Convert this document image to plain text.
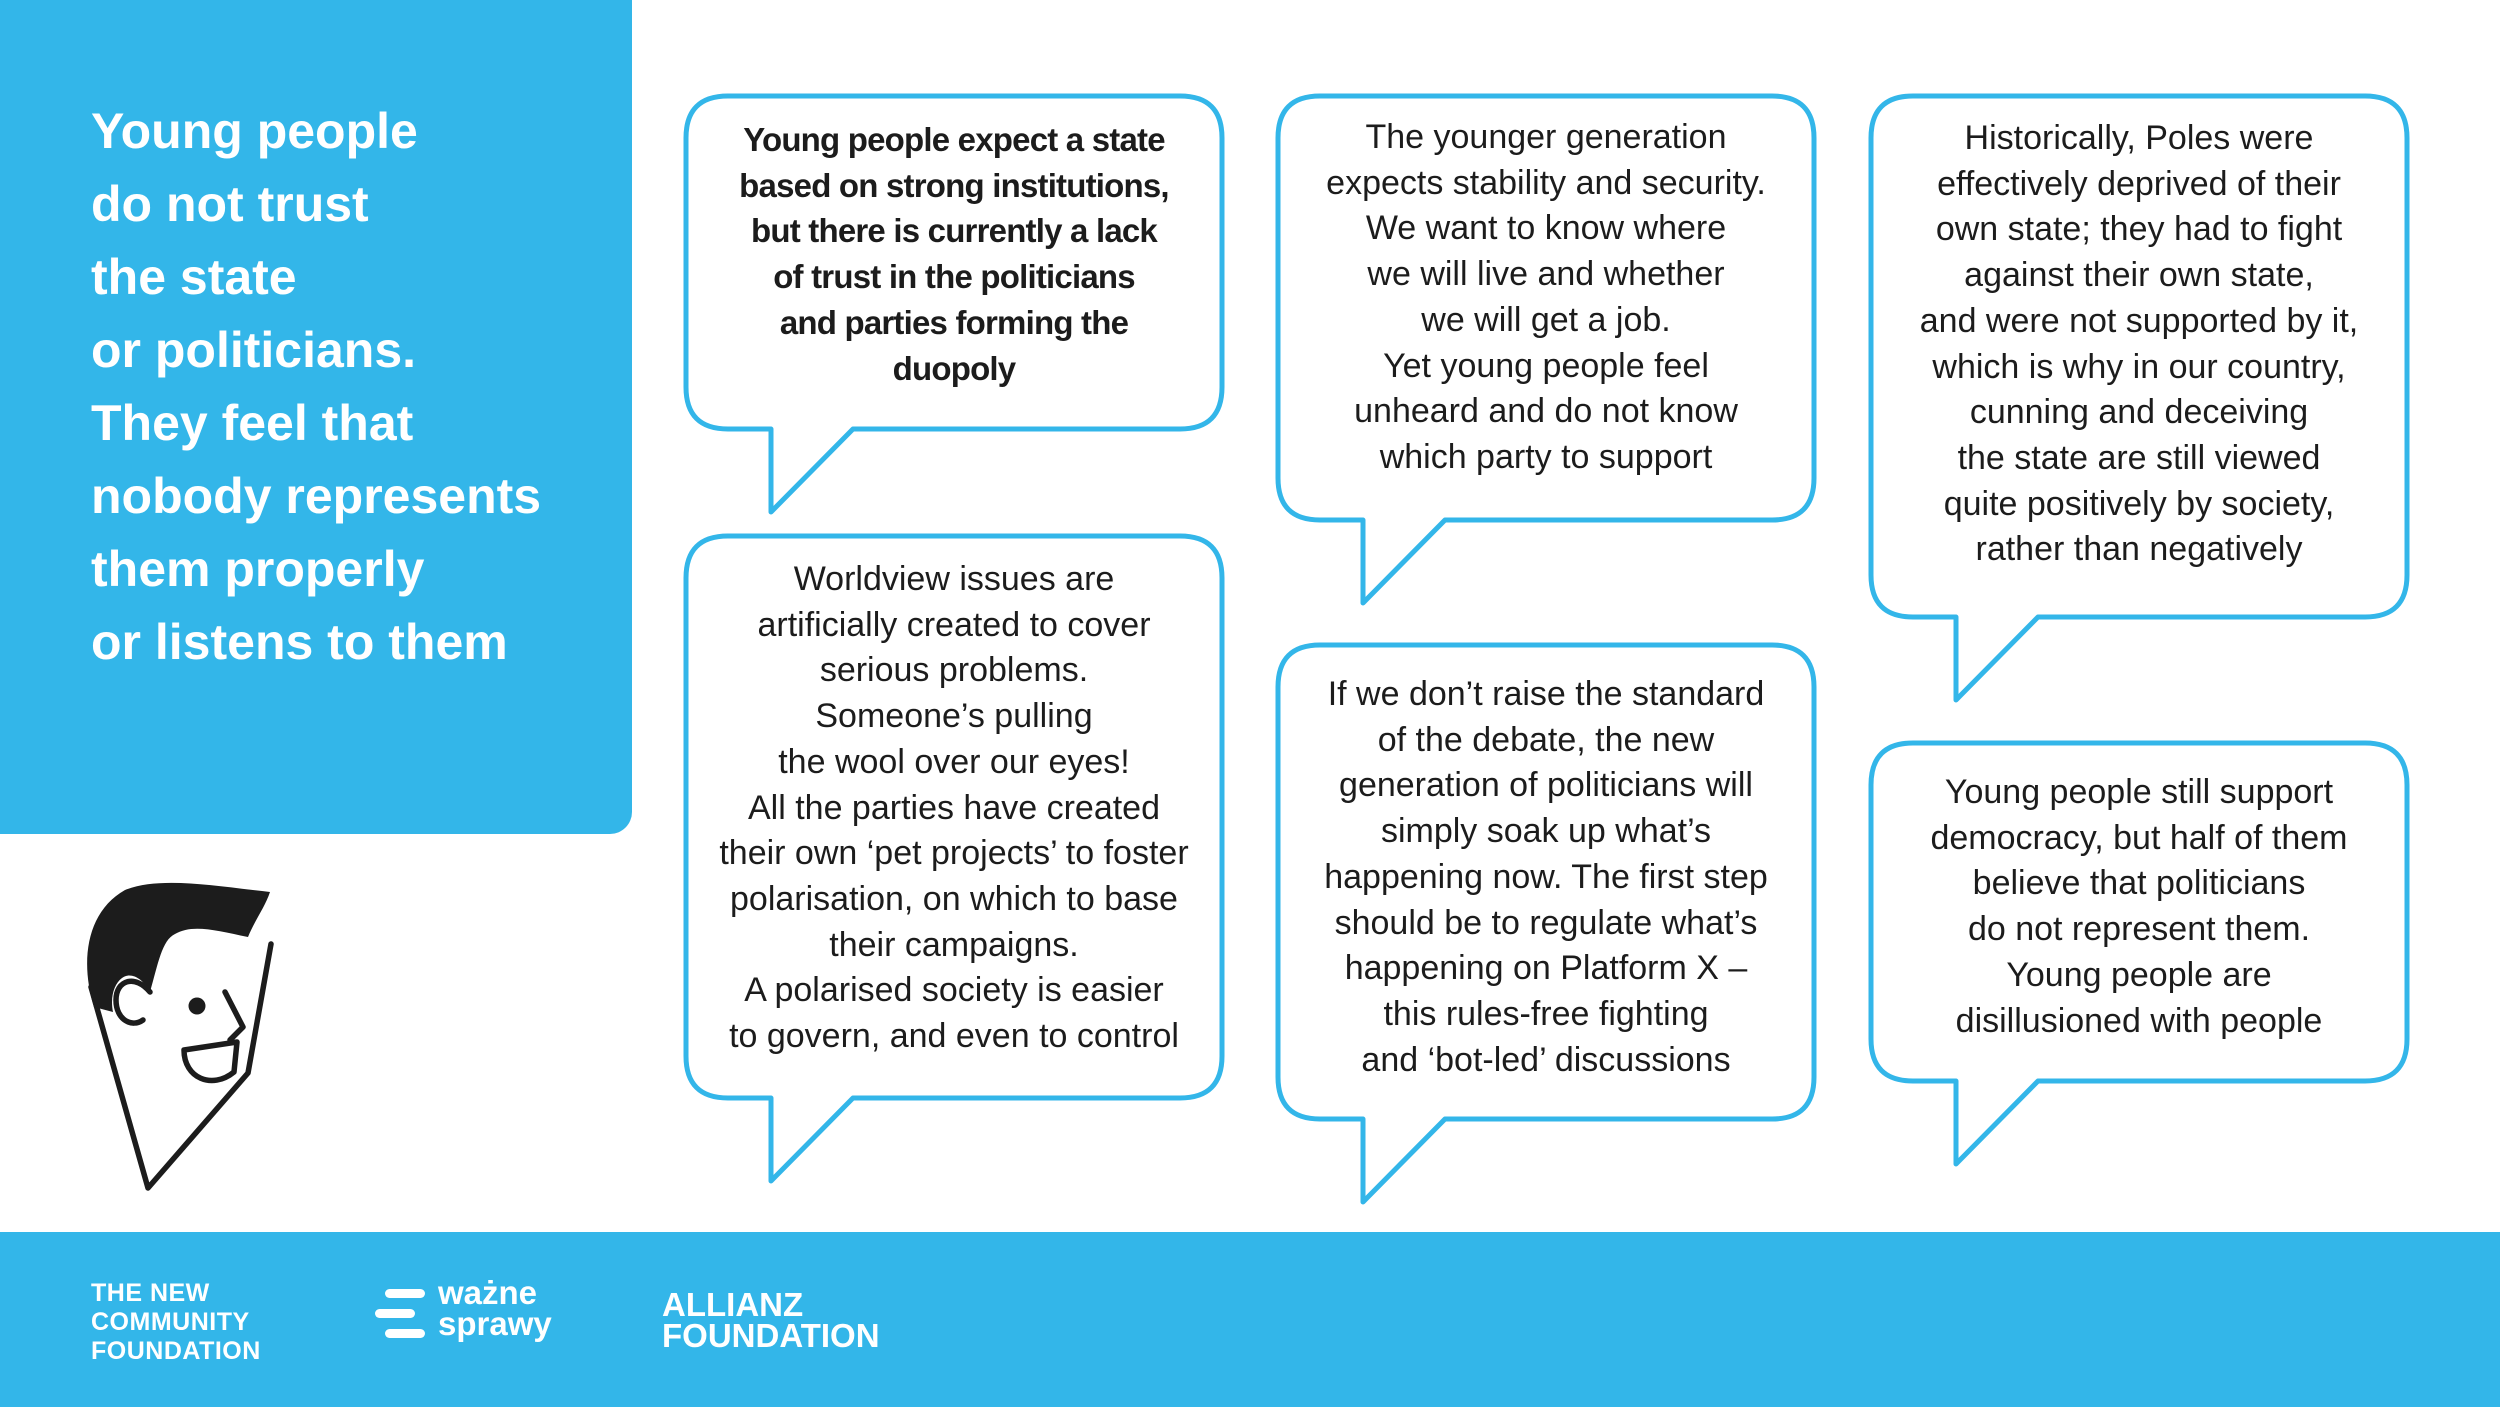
Young people
do not trust
the state
or politicians.
They feel that
nobody represents
them properly
or listens to them

Young people expect a state
based on strong institutions,
but there is currently a lack
of trust in the politicians
and parties forming the
duopoly

Worldview issues are
artificially created to cover
serious problems.
Someone’s pulling
the wool over our eyes!
All the parties have created
their own ‘pet projects’ to foster
polarisation, on which to base
their campaigns.
A polarised society is easier
to govern, and even to control

The younger generation
expects stability and security.
We want to know where
we will live and whether
we will get a job.
Yet young people feel
unheard and do not know
which party to support

If we don’t raise the standard
of the debate, the new
generation of politicians will
simply soak up what’s
happening now. The first step
should be to regulate what’s
happening on Platform X –
this rules-free fighting
and ‘bot-led’ discussions

Historically, Poles were
effectively deprived of their
own state; they had to fight
against their own state,
and were not supported by it,
which is why in our country,
cunning and deceiving
the state are still viewed
quite positively by society,
rather than negatively

Young people still support
democracy, but half of them
believe that politicians
do not represent them.
Young people are
disillusioned with people

THE NEW
COMMUNITY
FOUNDATION

ważne
sprawy

ALLIANZ
FOUNDATION
